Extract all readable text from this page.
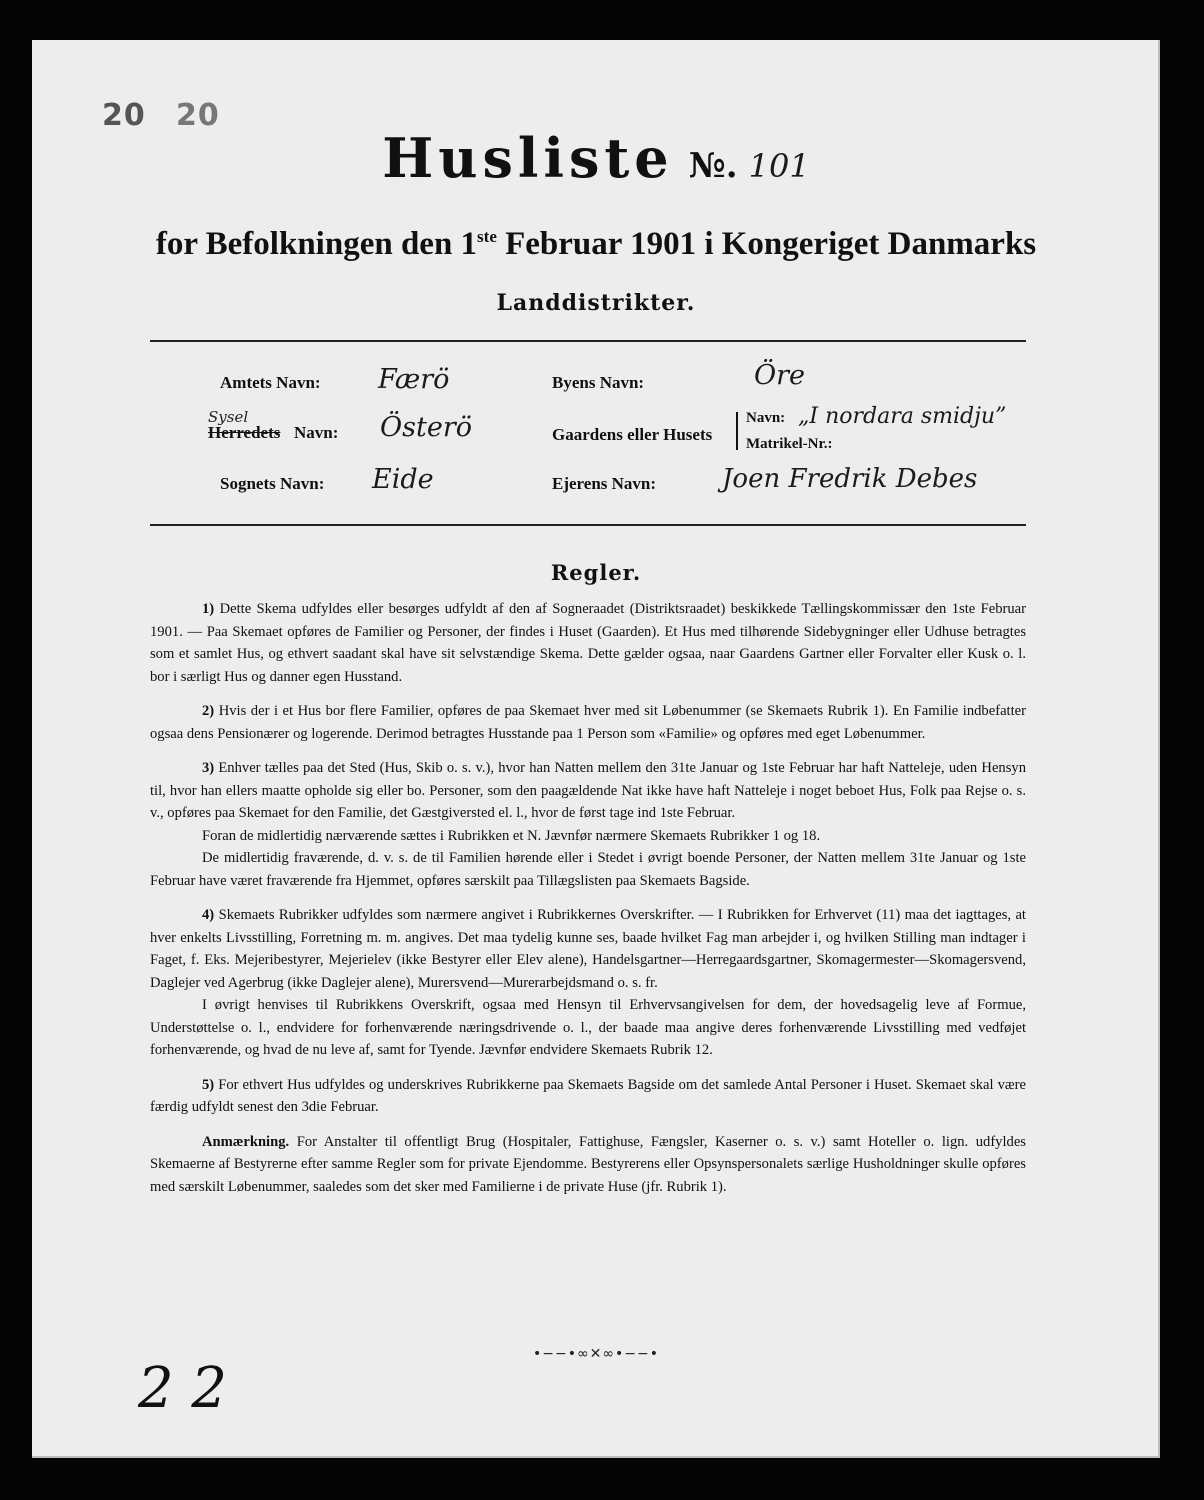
20 20
Husliste №. 101
for Befolkningen den 1ste Februar 1901 i Kongeriget Danmarks
Landdistrikter.
Amtets Navn: Færö
Sysel
Herredets Navn: Österö
Sognets Navn: Eide
Byens Navn:	Öre
Gaardens eller Husets
Navn: „I nordara smidju”
Matrikel-Nr.:
Ejerens Navn:	Joen Fredrik Debes
Regler.

1) Dette Skema udfyldes eller besørges udfyldt af den af Sogneraadet (Distriktsraadet) beskikkede Tællingskommissær den 1ste Februar 1901. — Paa Skemaet opføres de Familier og Personer, der findes i Huset (Gaarden). Et Hus med tilhørende Sidebygninger eller Udhuse betragtes som et samlet Hus, og ethvert saadant skal have sit selvstændige Skema. Dette gælder ogsaa, naar Gaardens Gartner eller Forvalter eller Kusk o. l. bor i særligt Hus og danner egen Husstand.

2) Hvis der i et Hus bor flere Familier, opføres de paa Skemaet hver med sit Løbenummer (se Skemaets Rubrik 1). En Familie indbefatter ogsaa dens Pensionærer og logerende. Derimod betragtes Husstande paa 1 Person som «Familie» og opføres med eget Løbenummer.

3) Enhver tælles paa det Sted (Hus, Skib o. s. v.), hvor han Natten mellem den 31te Januar og 1ste Februar har haft Natteleje, uden Hensyn til, hvor han ellers maatte opholde sig eller bo. Personer, som den paagældende Nat ikke have haft Natteleje i noget beboet Hus, Folk paa Rejse o. s. v., opføres paa Skemaet for den Familie, det Gæstgiversted el. l., hvor de først tage ind 1ste Februar.

Foran de midlertidig nærværende sættes i Rubrikken et N. Jævnfør nærmere Skemaets Rubrikker 1 og 18.

De midlertidig fraværende, d. v. s. de til Familien hørende eller i Stedet i øvrigt boende Personer, der Natten mellem 31te Januar og 1ste Februar have været fraværende fra Hjemmet, opføres særskilt paa Tillægslisten paa Skemaets Bagside.

4) Skemaets Rubrikker udfyldes som nærmere angivet i Rubrikkernes Overskrifter. — I Rubrikken for Erhvervet (11) maa det iagttages, at hver enkelts Livsstilling, Forretning m. m. angives. Det maa tydelig kunne ses, baade hvilket Fag man arbejder i, og hvilken Stilling man indtager i Faget, f. Eks. Mejeribestyrer, Mejerielev (ikke Bestyrer eller Elev alene), Handelsgartner—Herregaardsgartner, Skomagermester—Skomagersvend, Daglejer ved Agerbrug (ikke Daglejer alene), Murersvend—Murerarbejdsmand o. s. fr.

I øvrigt henvises til Rubrikkens Overskrift, ogsaa med Hensyn til Erhvervsangivelsen for dem, der hovedsagelig leve af Formue, Understøttelse o. l., endvidere for forhenværende næringsdrivende o. l., der baade maa angive deres forhenværende Livsstilling med vedføjet forhenværende, og hvad de nu leve af, samt for Tyende. Jævnfør endvidere Skemaets Rubrik 12.

5) For ethvert Hus udfyldes og underskrives Rubrikkerne paa Skemaets Bagside om det samlede Antal Personer i Huset. Skemaet skal være færdig udfyldt senest den 3die Februar.

Anmærkning. For Anstalter til offentligt Brug (Hospitaler, Fattighuse, Fængsler, Kaserner o. s. v.) samt Hoteller o. lign. udfyldes Skemaerne af Bestyrerne efter samme Regler som for private Ejendomme. Bestyrerens eller Opsynspersonalets særlige Husholdninger skulle opføres med særskilt Løbenummer, saaledes som det sker med Familierne i de private Huse (jfr. Rubrik 1).

•−−•∞✕∞•−−•
2 2
